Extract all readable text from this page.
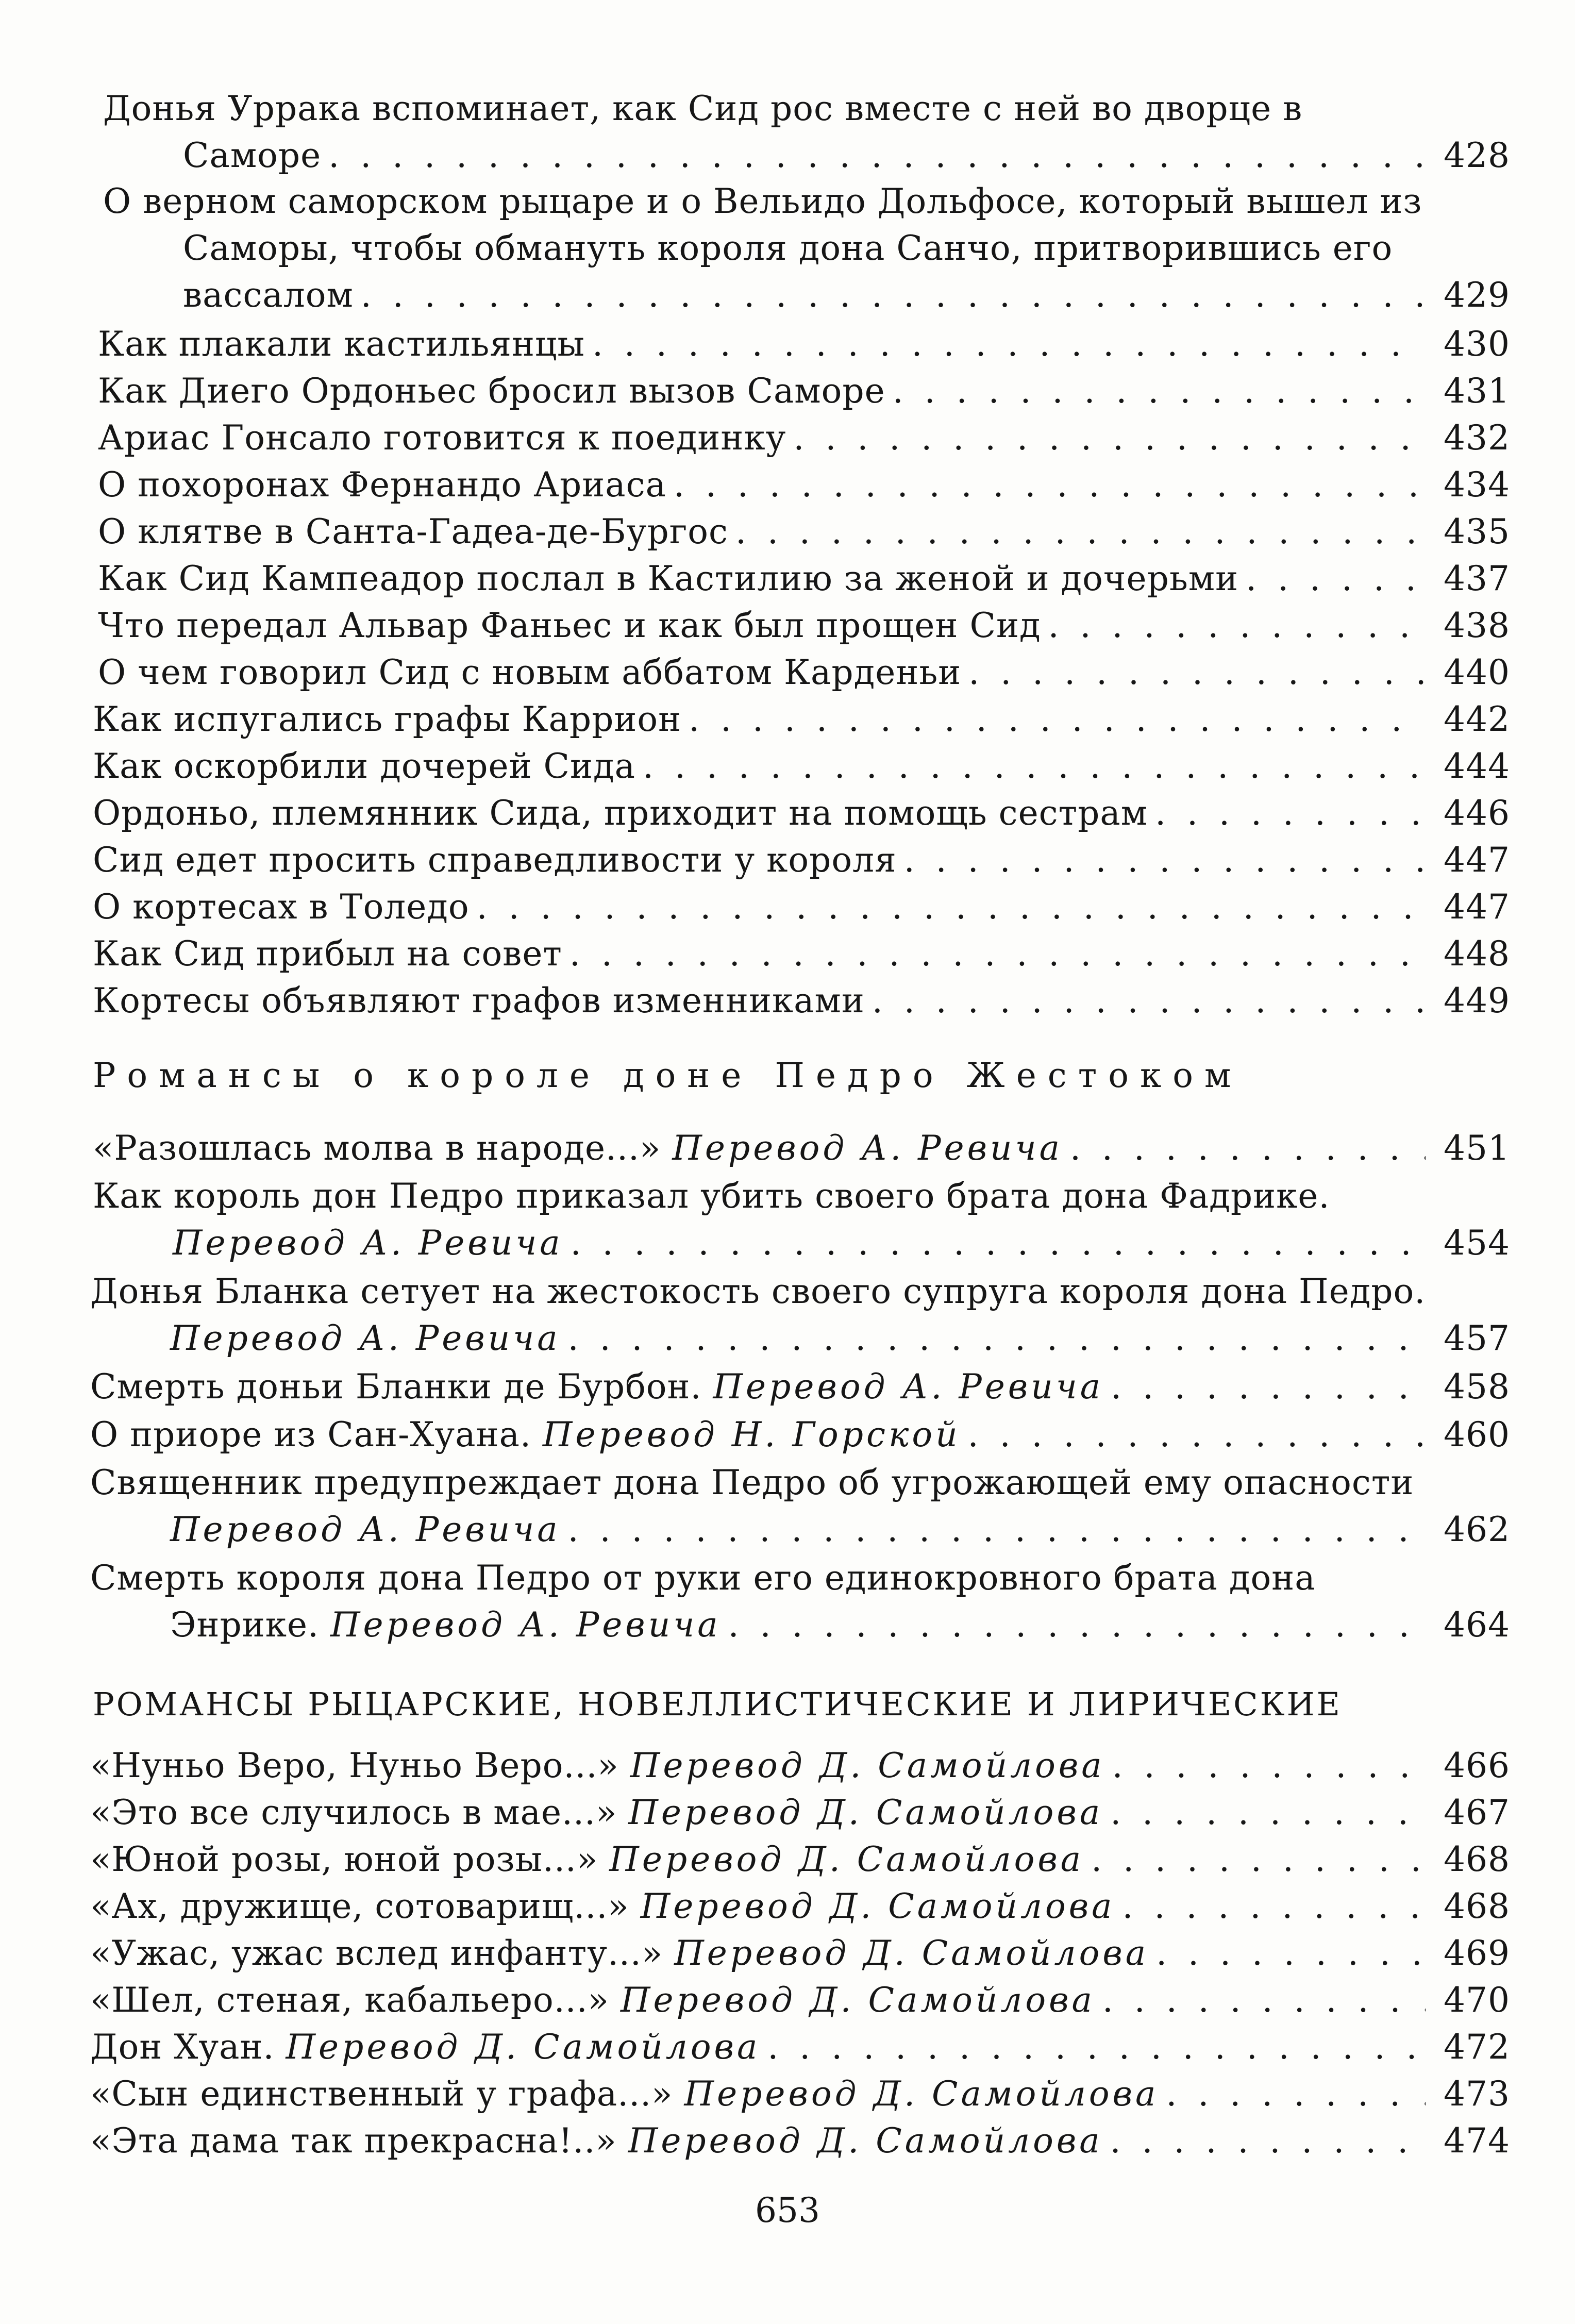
Донья Уррака вспоминает, как Сид рос вместе с ней во дворце в
Саморе . . .	428
О верном саморском рыцаре и о Вельидо Дольфосе, который вышел из
Саморы, чтобы обмануть короля дона Санчо, притворившись его
вассалом . . .	429
Как плакали кастильянцы . . .	430
Как Диего Ордоньес бросил вызов Саморе . . .	431
Ариас Гонсало готовится к поединку . . .	432
О похоронах Фернандо Ариаса . . .	434
О клятве в Санта-Гадеа-де-Бургос . . .	435
Как Сид Кампеадор послал в Кастилию за женой и дочерьми . . .	437
Что передал Альвар Фаньес и как был прощен Сид . . .	438
О чем говорил Сид с новым аббатом Карденьи . . .	440
Как испугались графы Каррион . . .	442
Как оскорбили дочерей Сида . . .	444
Ордоньо, племянник Сида, приходит на помощь сестрам . . .	446
Сид едет просить справедливости у короля . . .	447
О кортесах в Толедо . . .	447
Как Сид прибыл на совет . . .	448
Кортесы объявляют графов изменниками . . .	449
Романсы о короле доне Педро Жестоком
«Разошлась молва в народе...»
Перевод А. Ревича . . .	451
Как король дон Педро приказал убить своего брата дона Фадрике.
Перевод А. Ревича . . .	454
Донья Бланка сетует на жестокость своего супруга короля дона Педро.
Перевод А. Ревича . . .	457
Смерть доньи Бланки де Бурбон.
Перевод А. Ревича . . .	458
О приоре из Сан-Хуана.
Перевод Н. Горской . . .	460
Священник предупреждает дона Педро об угрожающей ему опасности
Перевод А. Ревича . . .	462
Смерть короля дона Педро от руки его единокровного брата дона
Энрике.
Перевод А. Ревича . . .	464
РОМАНСЫ РЫЦАРСКИЕ, НОВЕЛЛИСТИЧЕСКИЕ И ЛИРИЧЕСКИЕ
«Нуньо Веро, Нуньо Веро...»
Перевод Д. Самойлова . . .	466
«Это все случилось в мае...»
Перевод Д. Самойлова . . .	467
«Юной розы, юной розы...»
Перевод Д. Самойлова . . .	468
«Ах, дружище, сотоварищ...»
Перевод Д. Самойлова . . .	468
«Ужас, ужас вслед инфанту...»
Перевод Д. Самойлова . . .	469
«Шел, стеная, кабальеро...»
Перевод Д. Самойлова . . .	470
Дон Хуан.
Перевод Д. Самойлова . . .	472
«Сын единственный у графа...»
Перевод Д. Самойлова . . .	473
«Эта дама так прекрасна!..»
Перевод Д. Самойлова . . .	474
653
